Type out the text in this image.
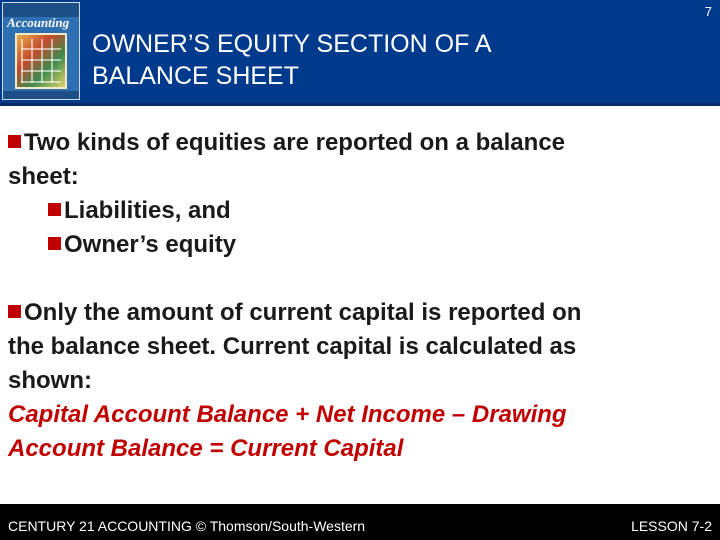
Accounting
7
OWNER’S EQUITY SECTION OF A
BALANCE SHEET

Two kinds of equities are reported on a balance

sheet:

Liabilities, and

Owner’s equity

Only the amount of current capital is reported on

the balance sheet. Current capital is calculated as

shown:

Capital Account Balance + Net Income – Drawing

Account Balance = Current Capital

CENTURY 21 ACCOUNTING © Thomson/South-Western	LESSON 7-2
